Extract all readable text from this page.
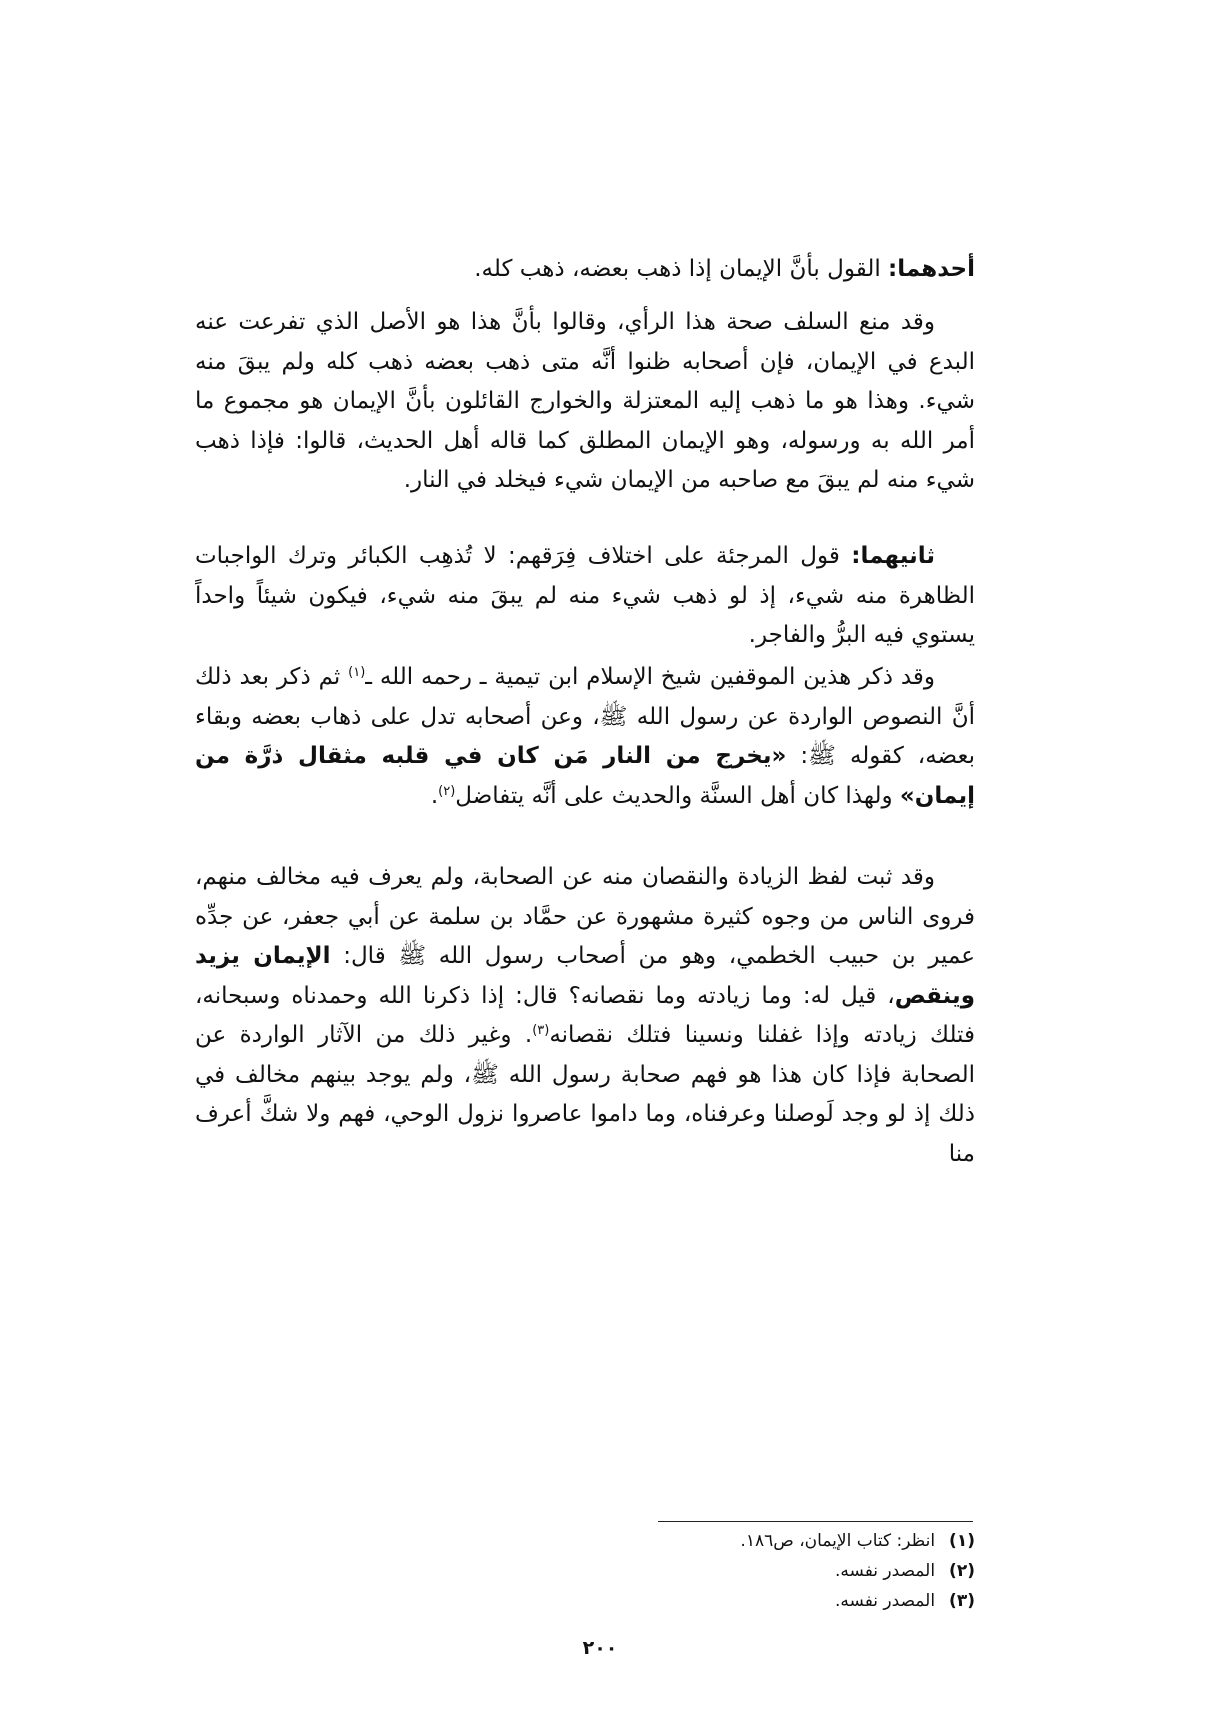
أحدهما: القول بأنَّ الإيمان إذا ذهب بعضه، ذهب كله.

وقد منع السلف صحة هذا الرأي، وقالوا بأنَّ هذا هو الأصل الذي تفرعت عنه البدع في الإيمان، فإن أصحابه ظنوا أنَّه متى ذهب بعضه ذهب كله ولم يبقَ منه شيء. وهذا هو ما ذهب إليه المعتزلة والخوارج القائلون بأنَّ الإيمان هو مجموع ما أمر الله به ورسوله، وهو الإيمان المطلق كما قاله أهل الحديث، قالوا: فإذا ذهب شيء منه لم يبقَ مع صاحبه من الإيمان شيء فيخلد في النار.

ثانيهما: قول المرجئة على اختلاف فِرَقهم: لا تُذهِب الكبائر وترك الواجبات الظاهرة منه شيء، إذ لو ذهب شيء منه لم يبقَ منه شيء، فيكون شيئاً واحداً يستوي فيه البرُّ والفاجر.

وقد ذكر هذين الموقفين شيخ الإسلام ابن تيمية ـ رحمه الله ـ$^{(١)}$ ثم ذكر بعد ذلك أنَّ النصوص الواردة عن رسول الله ﷺ، وعن أصحابه تدل على ذهاب بعضه وبقاء بعضه، كقوله ﷺ: «يخرج من النار مَن كان في قلبه مثقال ذرَّة من إيمان» ولهذا كان أهل السنَّة والحديث على أنَّه يتفاضل$^{(٢)}$.

وقد ثبت لفظ الزيادة والنقصان منه عن الصحابة، ولم يعرف فيه مخالف منهم، فروى الناس من وجوه كثيرة مشهورة عن حمَّاد بن سلمة عن أبي جعفر، عن جدِّه عمير بن حبيب الخطمي، وهو من أصحاب رسول الله ﷺ قال: الإيمان يزيد وينقص، قيل له: وما زيادته وما نقصانه؟ قال: إذا ذكرنا الله وحمدناه وسبحانه، فتلك زيادته وإذا غفلنا ونسينا فتلك نقصانه$^{(٣)}$. وغير ذلك من الآثار الواردة عن الصحابة فإذا كان هذا هو فهم صحابة رسول الله ﷺ، ولم يوجد بينهم مخالف في ذلك إذ لو وجد لَوصلنا وعرفناه، وما داموا عاصروا نزول الوحي، فهم ولا شكَّ أعرف منا

(١)انظر: كتاب الإيمان، ص١٨٦.

(٢)المصدر نفسه.

(٣)المصدر نفسه.

٢٠٠
